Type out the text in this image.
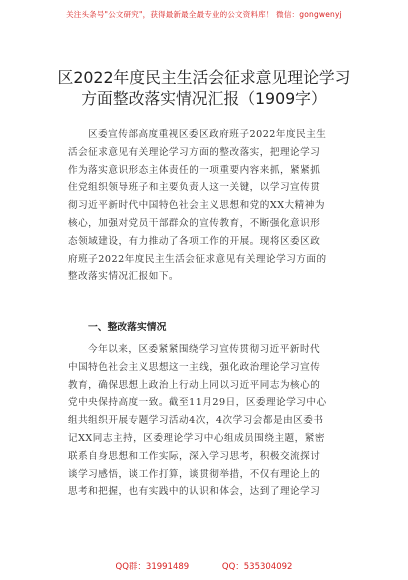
关注头条号"公文研究"，获得最新最全最专业的公文资料库！ 微信：gongwenyj
区2022年度民主生活会征求意见理论学习
方面整改落实情况汇报（1909字）
区委宣传部高度重视区委区政府班子2022年度民主生
活会征求意见有关理论学习方面的整改落实，把理论学习
作为落实意识形态主体责任的一项重要内容来抓，紧紧抓
住党组织领导班子和主要负责人这一关键，以学习宣传贯
彻习近平新时代中国特色社会主义思想和党的XX大精神为
核心，加强对党员干部群众的宣传教育，不断强化意识形
态领域建设，有力推动了各项工作的开展。现将区委区政
府班子2022年度民主生活会征求意见有关理论学习方面的
整改落实情况汇报如下。
一、整改落实情况
今年以来，区委紧紧围绕学习宣传贯彻习近平新时代
中国特色社会主义思想这一主线，强化政治理论学习宣传
教育，确保思想上政治上行动上同以习近平同志为核心的
党中央保持高度一致。截至11月29日，区委理论学习中心
组共组织开展专题学习活动4次，4次学习会都是由区委书
记XX同志主持，区委理论学习中心组成员围绕主题，紧密
联系自身思想和工作实际，深入学习思考，积极交流探讨
谈学习感悟，谈工作打算，谈贯彻举措，不仅有理论上的
思考和把握，也有实践中的认识和体会，达到了理论学习
QQ群：31991489	QQ：535304092
